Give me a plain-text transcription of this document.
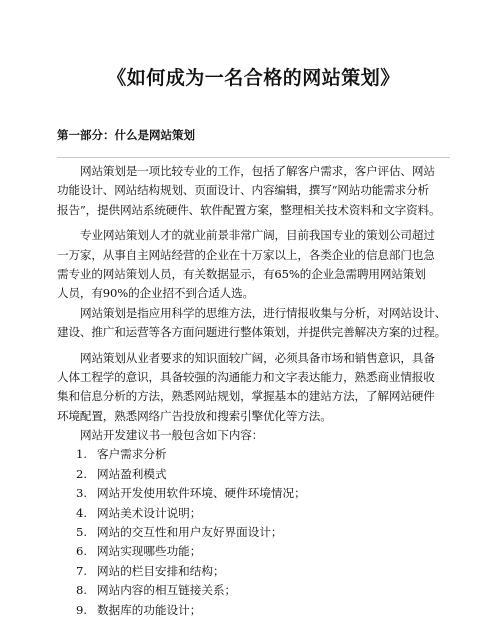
《如何成为一名合格的网站策划》
第一部分：什么是网站策划
网站策划是一项比较专业的工作，包括了解客户需求，客户评估、网站
功能设计、网站结构规划、页面设计、内容编辑，撰写“网站功能需求分析
报告”，提供网站系统硬件、软件配置方案，整理相关技术资料和文字资料。
专业网站策划人才的就业前景非常广阔，目前我国专业的策划公司超过
一万家，从事自主网站经营的企业在十万家以上，各类企业的信息部门也急
需专业的网站策划人员，有关数据显示，有65%的企业急需聘用网站策划
人员，有90%的企业招不到合适人选。
网站策划是指应用科学的思维方法，进行情报收集与分析，对网站设计、
建设、推广和运营等各方面问题进行整体策划，并提供完善解决方案的过程。
网站策划从业者要求的知识面较广阔，必须具备市场和销售意识，具备
人体工程学的意识，具备较强的沟通能力和文字表达能力，熟悉商业情报收
集和信息分析的方法，熟悉网站规划，掌握基本的建站方法，了解网站硬件
环境配置，熟悉网络广告投放和搜索引擎优化等方法。
网站开发建议书一般包含如下内容：
1. 客户需求分析
2. 网站盈利模式
3. 网站开发使用软件环境、硬件环境情况；
4. 网站美术设计说明；
5. 网站的交互性和用户友好界面设计；
6. 网站实现哪些功能；
7. 网站的栏目安排和结构；
8. 网站内容的相互链接关系；
9. 数据库的功能设计；
